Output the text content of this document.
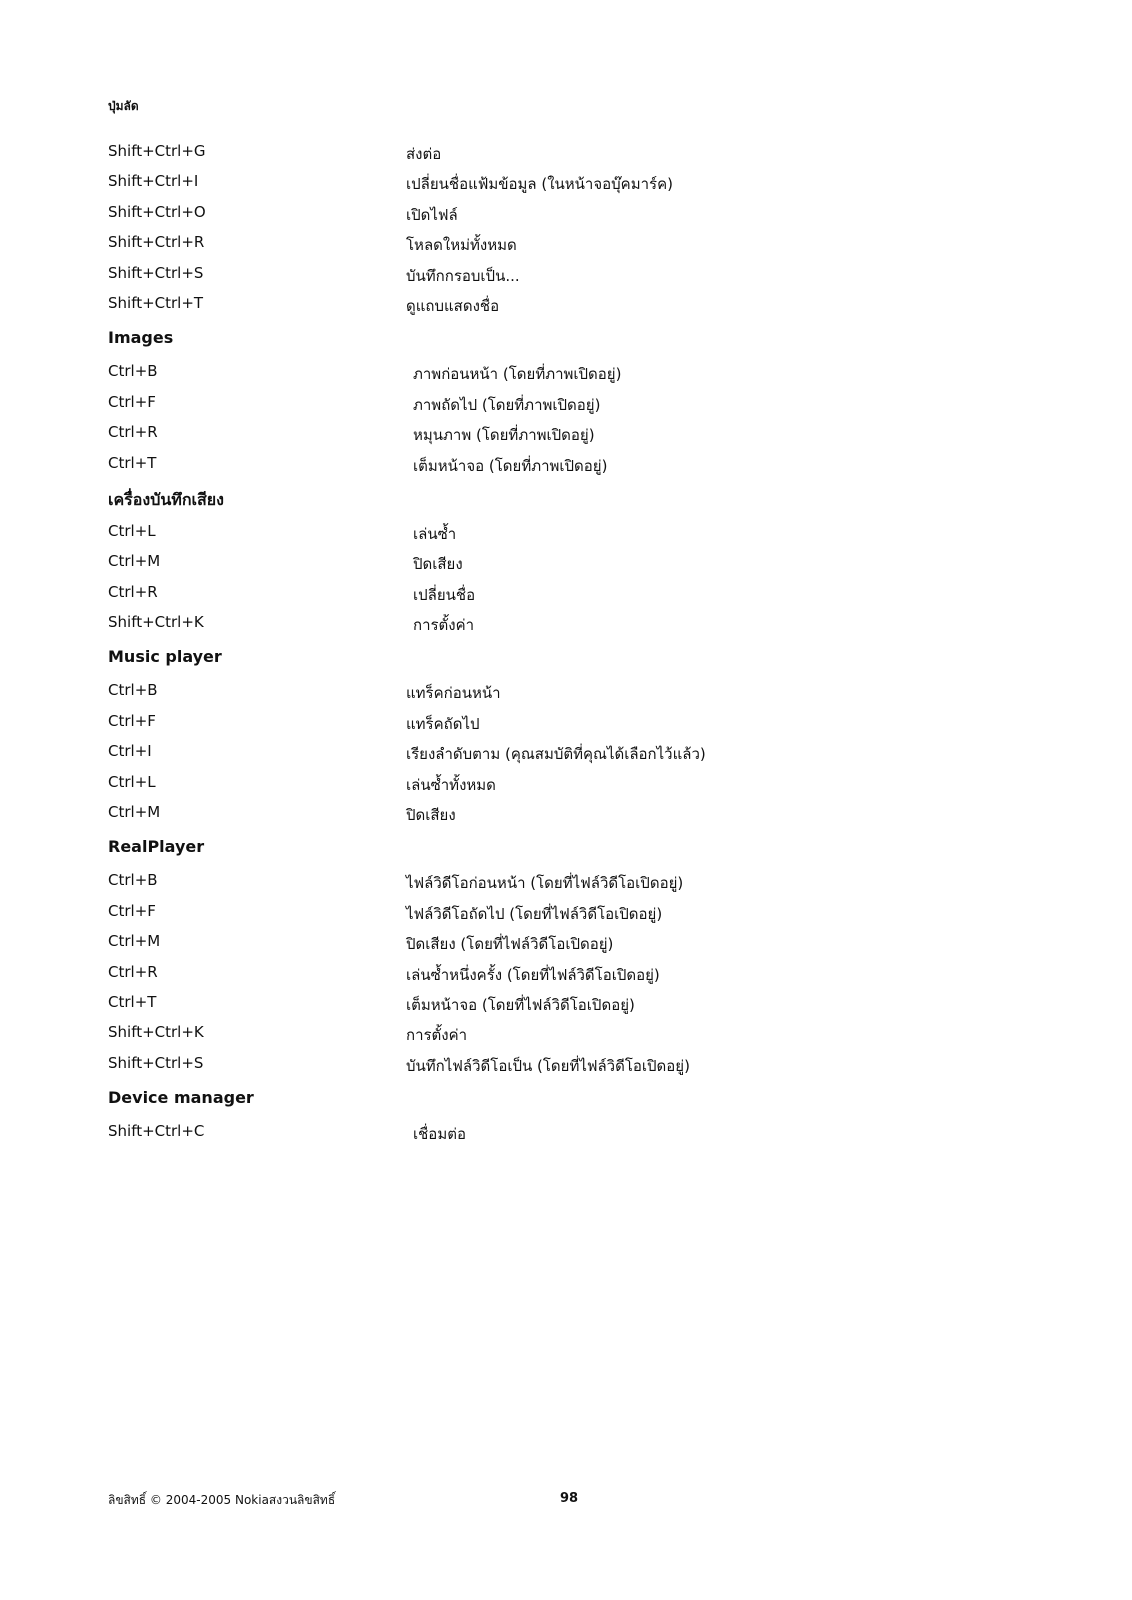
ปุ่มลัด
Shift+Ctrl+G	ส่งต่อ
Shift+Ctrl+I	เปลี่ยนชื่อแฟ้มข้อมูล (ในหน้าจอบุ๊คมาร์ค)
Shift+Ctrl+O	เปิดไฟล์
Shift+Ctrl+R	โหลดใหม่ทั้งหมด
Shift+Ctrl+S	บันทึกกรอบเป็น...
Shift+Ctrl+T	ดูแถบแสดงชื่อ
Images
Ctrl+B	ภาพก่อนหน้า (โดยที่ภาพเปิดอยู่)
Ctrl+F	ภาพถัดไป (โดยที่ภาพเปิดอยู่)
Ctrl+R	หมุนภาพ (โดยที่ภาพเปิดอยู่)
Ctrl+T	เต็มหน้าจอ (โดยที่ภาพเปิดอยู่)
เครื่องบันทึกเสียง
Ctrl+L	เล่นซ้ำ
Ctrl+M	ปิดเสียง
Ctrl+R	เปลี่ยนชื่อ
Shift+Ctrl+K	การตั้งค่า
Music player
Ctrl+B	แทร็คก่อนหน้า
Ctrl+F	แทร็คถัดไป
Ctrl+I	เรียงลำดับตาม (คุณสมบัติที่คุณได้เลือกไว้แล้ว)
Ctrl+L	เล่นซ้ำทั้งหมด
Ctrl+M	ปิดเสียง
RealPlayer
Ctrl+B	ไฟล์วิดีโอก่อนหน้า (โดยที่ไฟล์วิดีโอเปิดอยู่)
Ctrl+F	ไฟล์วิดีโอถัดไป (โดยที่ไฟล์วิดีโอเปิดอยู่)
Ctrl+M	ปิดเสียง (โดยที่ไฟล์วิดีโอเปิดอยู่)
Ctrl+R	เล่นซ้ำหนึ่งครั้ง (โดยที่ไฟล์วิดีโอเปิดอยู่)
Ctrl+T	เต็มหน้าจอ (โดยที่ไฟล์วิดีโอเปิดอยู่)
Shift+Ctrl+K	การตั้งค่า
Shift+Ctrl+S	บันทึกไฟล์วิดีโอเป็น (โดยที่ไฟล์วิดีโอเปิดอยู่)
Device manager
Shift+Ctrl+C	เชื่อมต่อ
ลิขสิทธิ์ © 2004-2005 Nokiaสงวนลิขสิทธิ์	98
